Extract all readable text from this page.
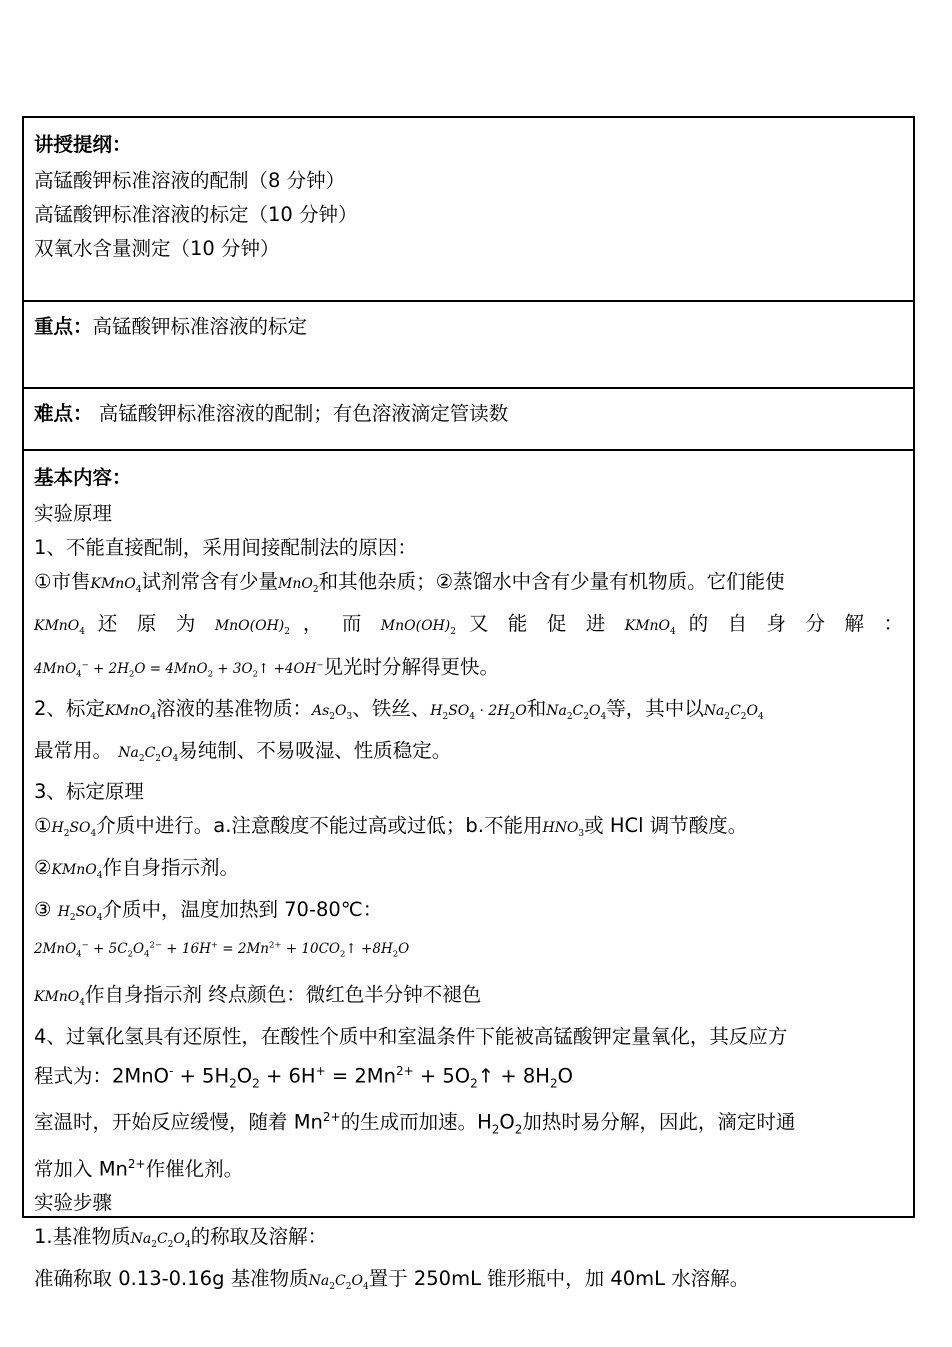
讲授提纲：
高锰酸钾标准溶液的配制（8 分钟）
高锰酸钾标准溶液的标定（10 分钟）
双氧水含量测定（10 分钟）
重点：高锰酸钾标准溶液的标定
难点： 高锰酸钾标准溶液的配制；有色溶液滴定管读数
基本内容：
实验原理
1、不能直接配制，采用间接配制法的原因：
①市售KMnO$_4$试剂常含有少量MnO$_2$和其他杂质；②蒸馏水中含有少量有机物质。它们能使
KMnO$_4$ 还 原 为 $MnO(OH)_2$ ， 而 $MnO(OH)_2$ 又 能 促 进 KMnO$_4$ 的 自 身 分 解 ：
$4MnO_4^- + 2H_2O = 4MnO_2$ + $3O_2↑ +4OH^-$见光时分解得更快。
2、标定KMnO$_4$溶液的基准物质：$As_2O_3$、铁丝、$H_2SO_4 \cdot 2H_2O$和$Na_2C_2O_4$等，其中以$Na_2C_2O_4$
最常用。 $Na_2C_2O_4$易纯制、不易吸湿、性质稳定。
3、标定原理
$①H_2SO_4$介质中进行。a.注意酸度不能过高或过低；b.不能用$HNO_3$或 HCl 调节酸度。
②KMnO$_4$作自身指示剂。
③ $H_2SO_4$介质中，温度加热到 70-80℃：
$2MnO_4^- + 5C_2O_4^{2-} + 16H^+ = 2Mn^{2+}$ + $10CO_2↑ +8H_2O$
KMnO$_4$作自身指示剂 终点颜色：微红色半分钟不褪色
4、过氧化氢具有还原性，在酸性个质中和室温条件下能被高锰酸钾定量氧化，其反应方
程式为：$2MnO^- + 5H_2O_2 + 6H^+ = 2Mn^{2+}$ + $5O_2↑ + 8H_2O$
室温时，开始反应缓慢，随着 $Mn^{2+}$的生成而加速。$H_2O_2$加热时易分解，因此，滴定时通
常加入 $Mn^{2+}$作催化剂。
实验步骤
1.基准物质$Na_2C_2O_4$的称取及溶解：
准确称取 0.13-0.16g 基准物质$Na_2C_2O_4$置于 250mL 锥形瓶中，加 40mL 水溶解。
